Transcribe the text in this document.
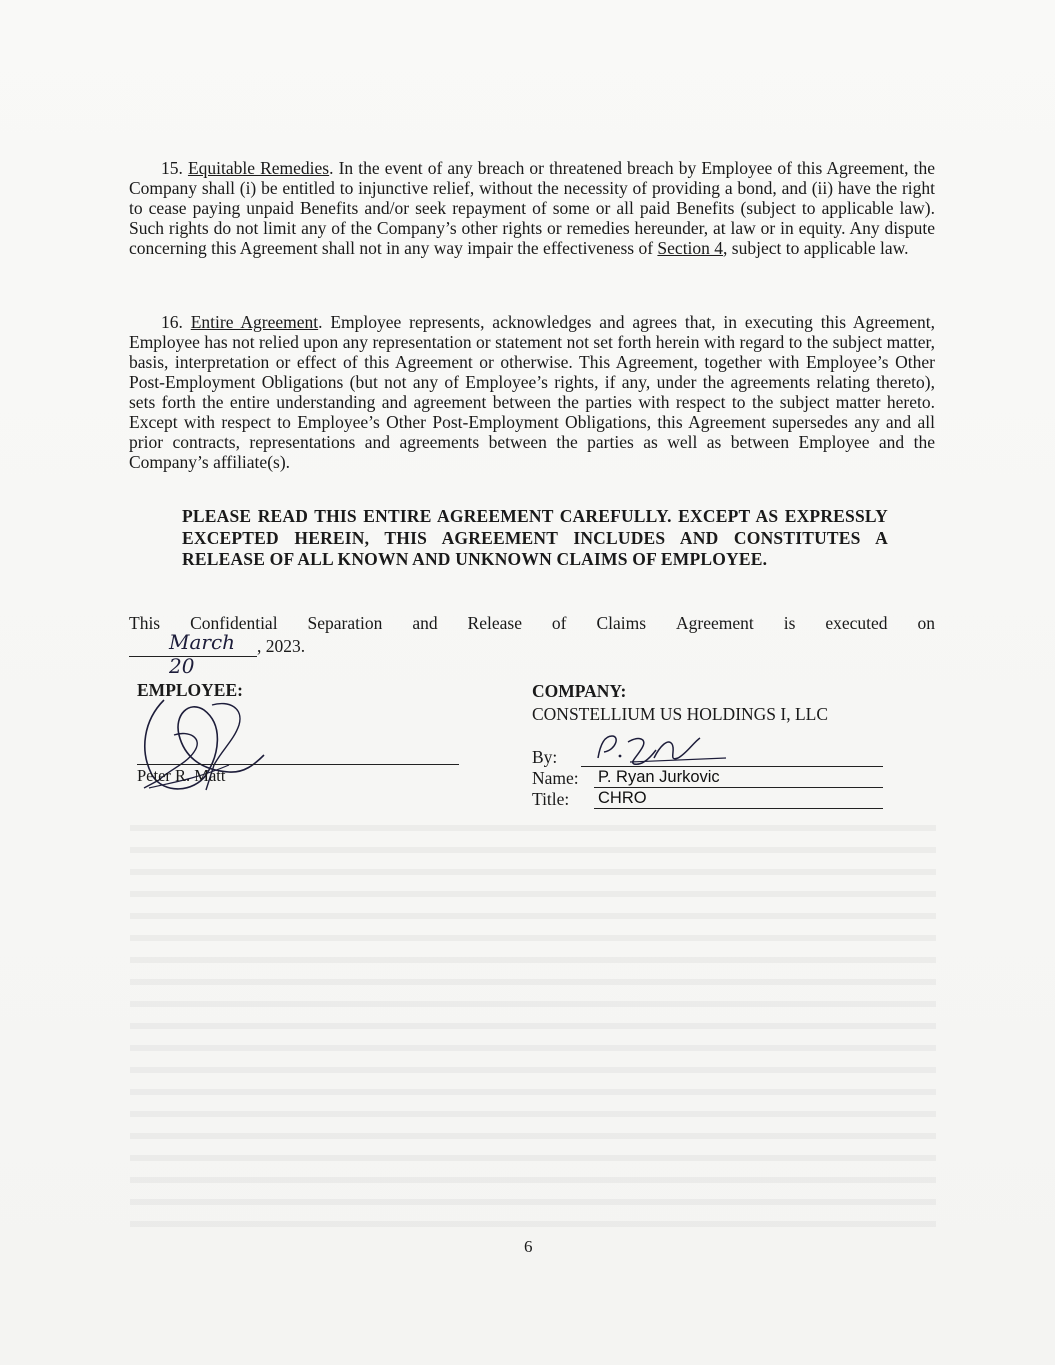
15. Equitable Remedies. In the event of any breach or threatened breach by Employee of this Agreement, the Company shall (i) be entitled to injunctive relief, without the necessity of providing a bond, and (ii) have the right to cease paying unpaid Benefits and/or seek repayment of some or all paid Benefits (subject to applicable law). Such rights do not limit any of the Company’s other rights or remedies hereunder, at law or in equity. Any dispute concerning this Agreement shall not in any way impair the effectiveness of Section 4, subject to applicable law.
16. Entire Agreement. Employee represents, acknowledges and agrees that, in executing this Agreement, Employee has not relied upon any representation or statement not set forth herein with regard to the subject matter, basis, interpretation or effect of this Agreement or otherwise. This Agreement, together with Employee’s Other Post-Employment Obligations (but not any of Employee’s rights, if any, under the agreements relating thereto), sets forth the entire understanding and agreement between the parties with respect to the subject matter hereto. Except with respect to Employee’s Other Post-Employment Obligations, this Agreement supersedes any and all prior contracts, representations and agreements between the parties as well as between Employee and the Company’s affiliate(s).
PLEASE READ THIS ENTIRE AGREEMENT CAREFULLY. EXCEPT AS EXPRESSLY EXCEPTED HEREIN, THIS AGREEMENT INCLUDES AND CONSTITUTES A RELEASE OF ALL KNOWN AND UNKNOWN CLAIMS OF EMPLOYEE.
This Confidential Separation and Release of Claims Agreement is executed on
March 20
, 2023.
EMPLOYEE:
Peter R. Matt
COMPANY:
CONSTELLIUM US HOLDINGS I, LLC
By:
Name: P. Ryan Jurkovic
Title: CHRO
6
